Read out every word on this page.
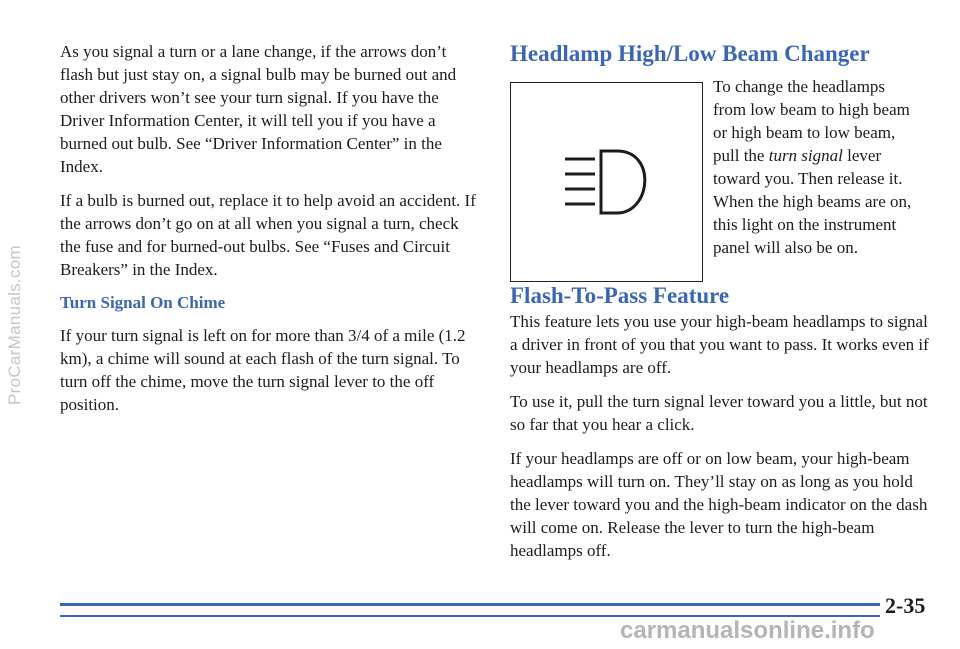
ProCarManuals.com

As you signal a turn or a lane change, if the arrows don’t flash but just stay on, a signal bulb may be burned out and other drivers won’t see your turn signal. If you have the Driver Information Center, it will tell you if you have a burned out bulb. See “Driver Information Center” in the Index.

If a bulb is burned out, replace it to help avoid an accident. If the arrows don’t go on at all when you signal a turn, check the fuse and for burned-out bulbs. See “Fuses and Circuit Breakers” in the Index.

Turn Signal On Chime

If your turn signal is left on for more than 3/4 of a mile (1.2 km), a chime will sound at each flash of the turn signal. To turn off the chime, move the turn signal lever to the off position.

Headlamp High/Low Beam Changer

To change the headlamps from low beam to high beam or high beam to low beam, pull the turn signal lever toward you. Then release it. When the high beams are on, this light on the instrument panel will also be on.

Flash-To-Pass Feature

This feature lets you use your high-beam headlamps to signal a driver in front of you that you want to pass. It works even if your headlamps are off.

To use it, pull the turn signal lever toward you a little, but not so far that you hear a click.

If your headlamps are off or on low beam, your high-beam headlamps will turn on. They’ll stay on as long as you hold the lever toward you and the high-beam indicator on the dash will come on. Release the lever to turn the high-beam headlamps off.

2-35
carmanualsonline.info
